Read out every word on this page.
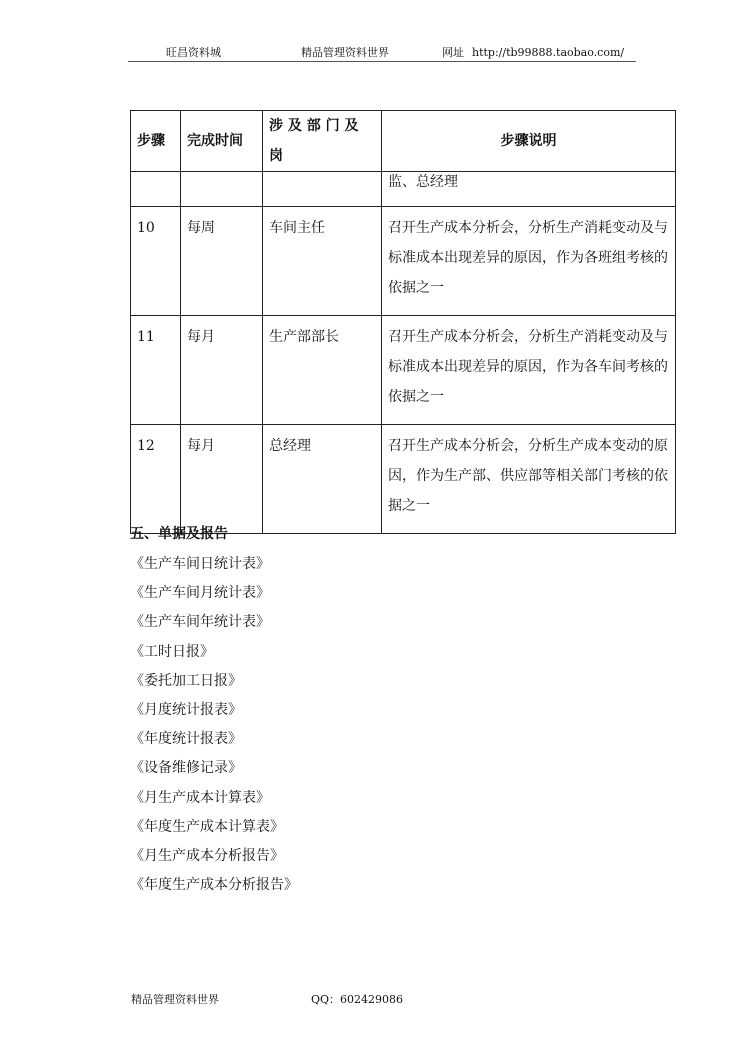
旺昌资料城	精品管理资料世界	网址 http://tb99888.taobao.com/
步骤	完成时间	涉 及 部 门 及 岗	步骤说明
			监、总经理
10	每周	车间主任	召开生产成本分析会，分析生产消耗变动及与标准成本出现差异的原因，作为各班组考核的依据之一
11	每月	生产部部长	召开生产成本分析会，分析生产消耗变动及与标准成本出现差异的原因，作为各车间考核的依据之一
12	每月	总经理	召开生产成本分析会，分析生产成本变动的原因，作为生产部、供应部等相关部门考核的依据之一
五、单据及报告
《生产车间日统计表》
《生产车间月统计表》
《生产车间年统计表》
《工时日报》
《委托加工日报》
《月度统计报表》
《年度统计报表》
《设备维修记录》
《月生产成本计算表》
《年度生产成本计算表》
《月生产成本分析报告》
《年度生产成本分析报告》
精品管理资料世界	QQ：602429086
